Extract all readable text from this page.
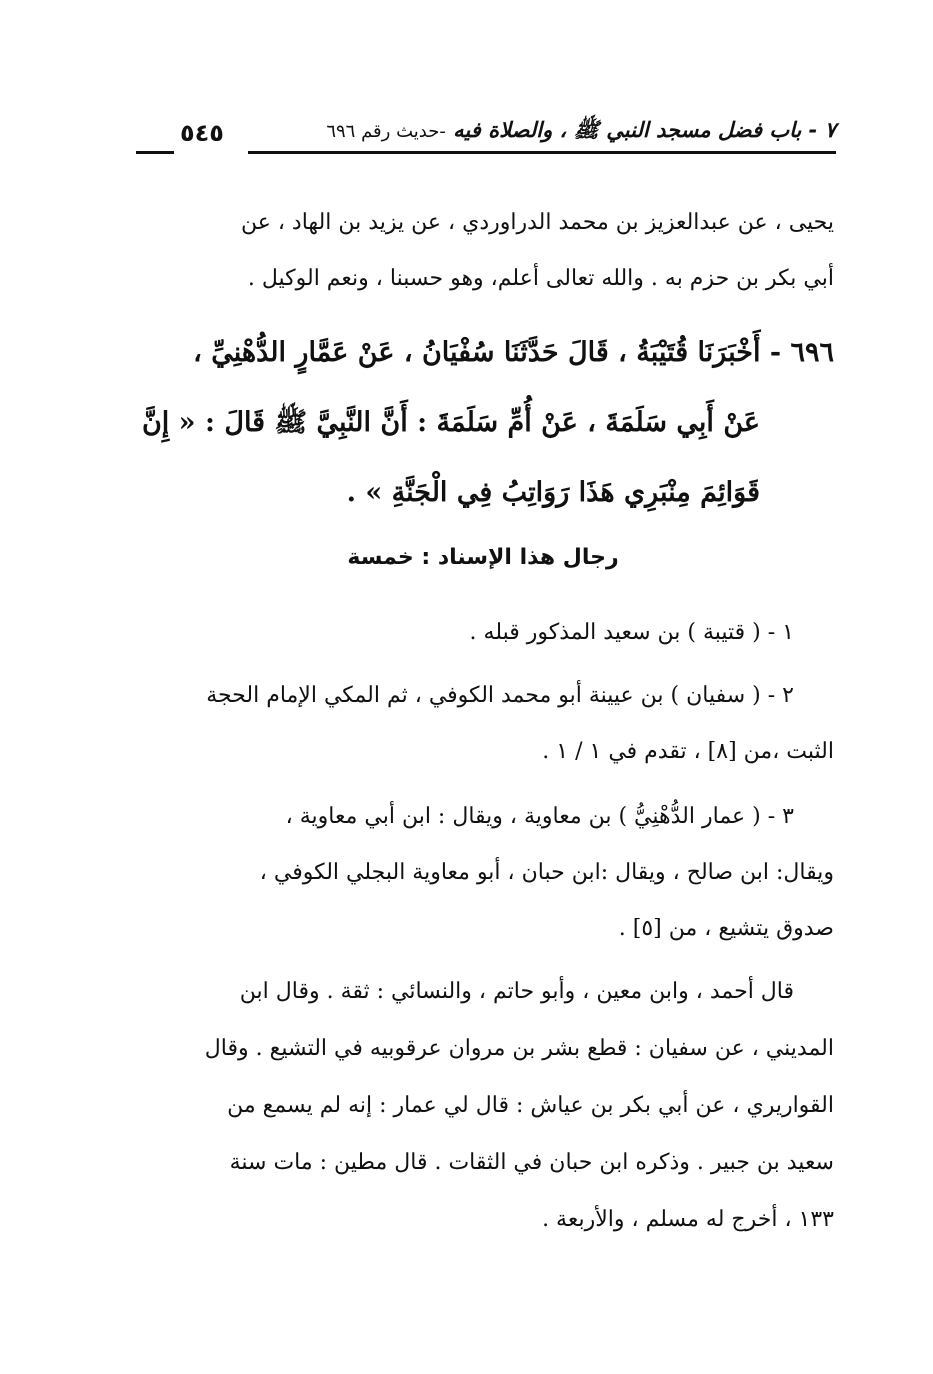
٧ - باب فضل مسجد النبي ﷺ ، والصلاة فيه -حديث رقم ٦٩٦
٥٤٥
يحيى ، عن عبدالعزيز بن محمد الدراوردي ، عن يزيد بن الهاد ، عن
أبي بكر بن حزم به . والله تعالى أعلم، وهو حسبنا ، ونعم الوكيل .
٦٩٦ - أَخْبَرَنَا قُتَيْبَةُ ، قَالَ حَدَّثَنَا سُفْيَانُ ، عَنْ عَمَّارٍ الدُّهْنِيِّ ،
عَنْ أَبِي سَلَمَةَ ، عَنْ أُمِّ سَلَمَةَ : أَنَّ النَّبِيَّ ﷺ قَالَ : « إِنَّ
قَوَائِمَ مِنْبَرِي هَذَا رَوَاتِبُ فِي الْجَنَّةِ » .
رجال هذا الإسناد : خمسة
١ - ( قتيبة ) بن سعيد المذكور قبله .
٢ - ( سفيان ) بن عيينة أبو محمد الكوفي ، ثم المكي الإمام الحجة
الثبت ،من [٨] ، تقدم في ١ / ١ .
٣ - ( عمار الدُّهْنِيُّ ) بن معاوية ، ويقال : ابن أبي معاوية ،
ويقال: ابن صالح ، ويقال :ابن حبان ، أبو معاوية البجلي الكوفي ،
صدوق يتشيع ، من [٥] .
قال أحمد ، وابن معين ، وأبو حاتم ، والنسائي : ثقة . وقال ابن
المديني ، عن سفيان : قطع بشر بن مروان عرقوبيه في التشيع . وقال
القواريري ، عن أبي بكر بن عياش : قال لي عمار : إنه لم يسمع من
سعيد بن جبير . وذكره ابن حبان في الثقات . قال مطين : مات سنة
١٣٣ ، أخرج له مسلم ، والأربعة .
